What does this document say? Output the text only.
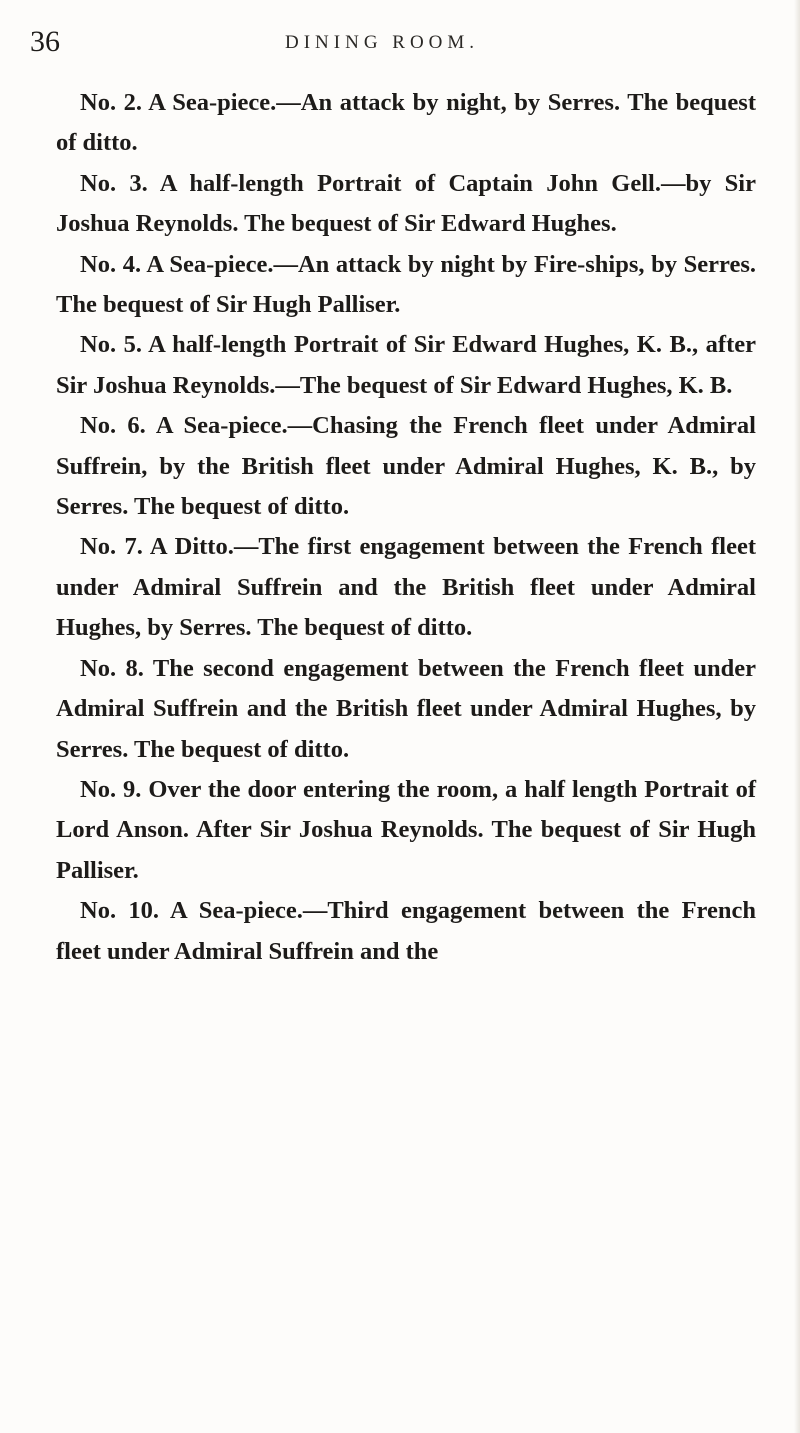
36	DINING ROOM.

No. 2. A Sea-piece.—An attack by night, by Serres. The bequest of ditto.

No. 3. A half-length Portrait of Captain John Gell.—by Sir Joshua Reynolds. The bequest of Sir Edward Hughes.

No. 4. A Sea-piece.—An attack by night by Fire-ships, by Serres. The bequest of Sir Hugh Palliser.

No. 5. A half-length Portrait of Sir Edward Hughes, K. B., after Sir Joshua Reynolds.—The bequest of Sir Edward Hughes, K. B.

No. 6. A Sea-piece.—Chasing the French fleet under Admiral Suffrein, by the British fleet under Admiral Hughes, K. B., by Serres. The bequest of ditto.

No. 7. A Ditto.—The first engagement between the French fleet under Admiral Suffrein and the British fleet under Admiral Hughes, by Serres. The bequest of ditto.

No. 8. The second engagement between the French fleet under Admiral Suffrein and the British fleet under Admiral Hughes, by Serres. The bequest of ditto.

No. 9. Over the door entering the room, a half length Portrait of Lord Anson. After Sir Joshua Reynolds. The bequest of Sir Hugh Palliser.

No. 10. A Sea-piece.—Third engagement between the French fleet under Admiral Suffrein and the
